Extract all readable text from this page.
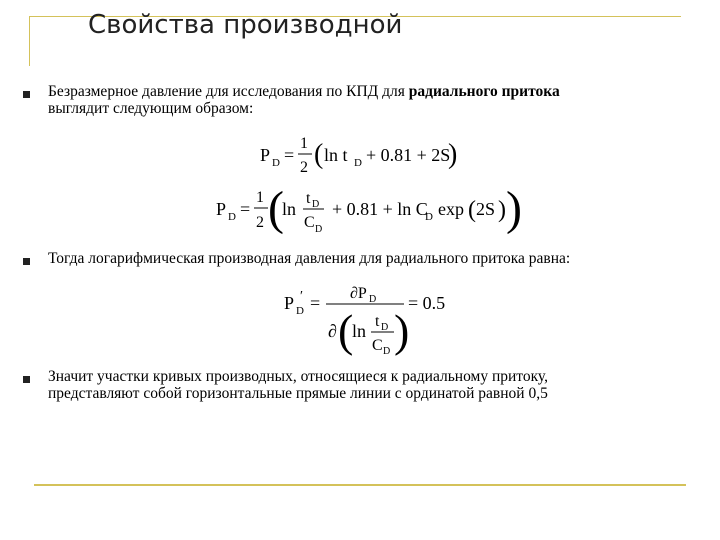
Свойства производной
Безразмерное давление для исследования по КПД для радиального притока
выглядит следующим образом:
P D =
1
2 ( ln t D + 0.81 + 2S
)
P D =
1
2 (
ln
t D
C D
+ 0.81 + ln C
D exp ( 2S ) )
Тогда логарифмическая производная давления для радиального притока равна:
P D
′ = ∂P D
∂ (
ln t D
C D )
= 0.5
Значит участки кривых производных, относящиеся к радиальному притоку,
представляют собой горизонтальные прямые линии с ординатой равной 0,5
